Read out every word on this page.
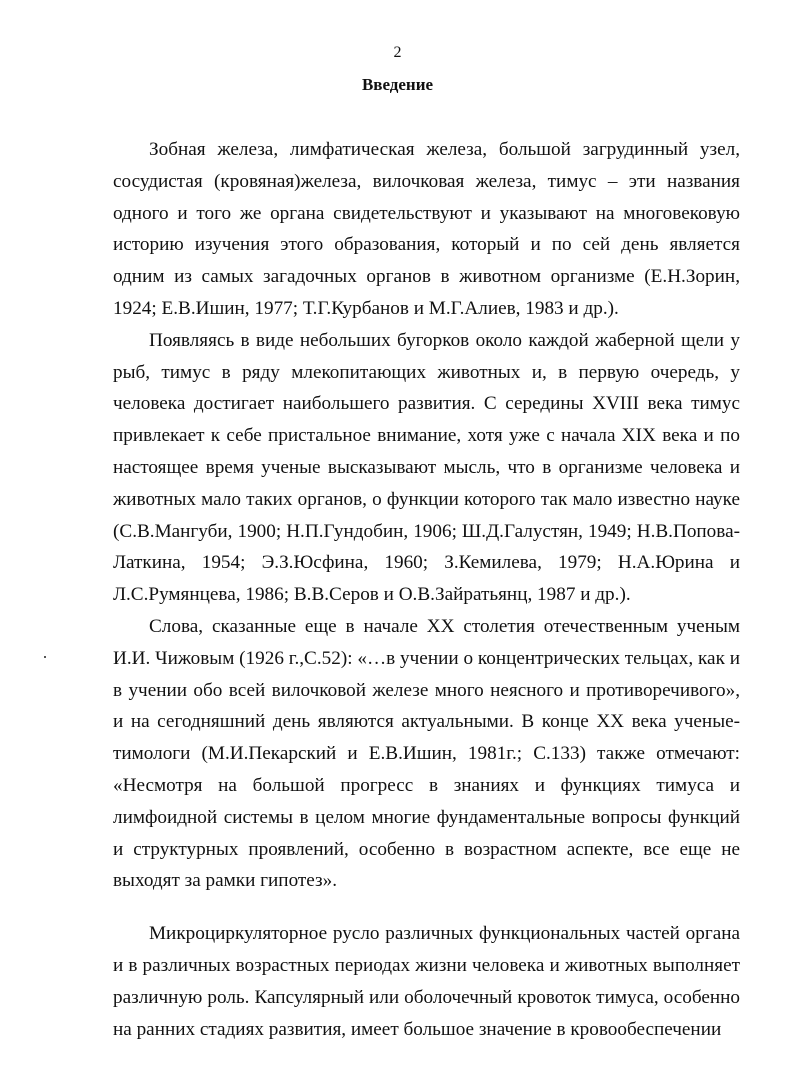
2
Введение

Зобная железа, лимфатическая железа, большой загрудинный узел, сосудистая (кровяная)железа, вилочковая железа, тимус – эти названия одного и того же органа свидетельствуют и указывают на многовековую историю изучения этого образования, который и по сей день является одним из самых загадочных органов в животном организме (Е.Н.Зорин, 1924; Е.В.Ишин, 1977; Т.Г.Курбанов и М.Г.Алиев, 1983 и др.).

Появляясь в виде небольших бугорков около каждой жаберной щели у рыб, тимус в ряду млекопитающих животных и, в первую очередь, у человека достигает наибольшего развития. С середины XVIII века тимус привлекает к себе пристальное внимание, хотя уже с начала XIX века и по настоящее время ученые высказывают мысль, что в организме человека и животных мало таких органов, о функции которого так мало известно науке (С.В.Мангуби, 1900; Н.П.Гундобин, 1906; Ш.Д.Галустян, 1949; Н.В.Попова-Латкина, 1954; Э.З.Юсфина, 1960; З.Кемилева, 1979; Н.А.Юрина и Л.С.Румянцева, 1986; В.В.Серов и О.В.Зайратьянц, 1987 и др.).

Слова, сказанные еще в начале XX столетия отечественным ученым И.И. Чижовым (1926 г.,С.52): «…в учении о концентрических тельцах, как и в учении обо всей вилочковой железе много неясного и противоречивого», и на сегодняшний день являются актуальными. В конце XX века ученые-тимологи (М.И.Пекарский и Е.В.Ишин, 1981г.; С.133) также отмечают: «Несмотря на большой прогресс в знаниях и функциях тимуса и лимфоидной системы в целом многие фундаментальные вопросы функций и структурных проявлений, особенно в возрастном аспекте, все еще не выходят за рамки гипотез».

Микроциркуляторное русло различных функциональных частей органа и в различных возрастных периодах жизни человека и животных выполняет различную роль. Капсулярный или оболочечный кровоток тимуса, особенно на ранних стадиях развития, имеет большое значение в кровообеспечении
